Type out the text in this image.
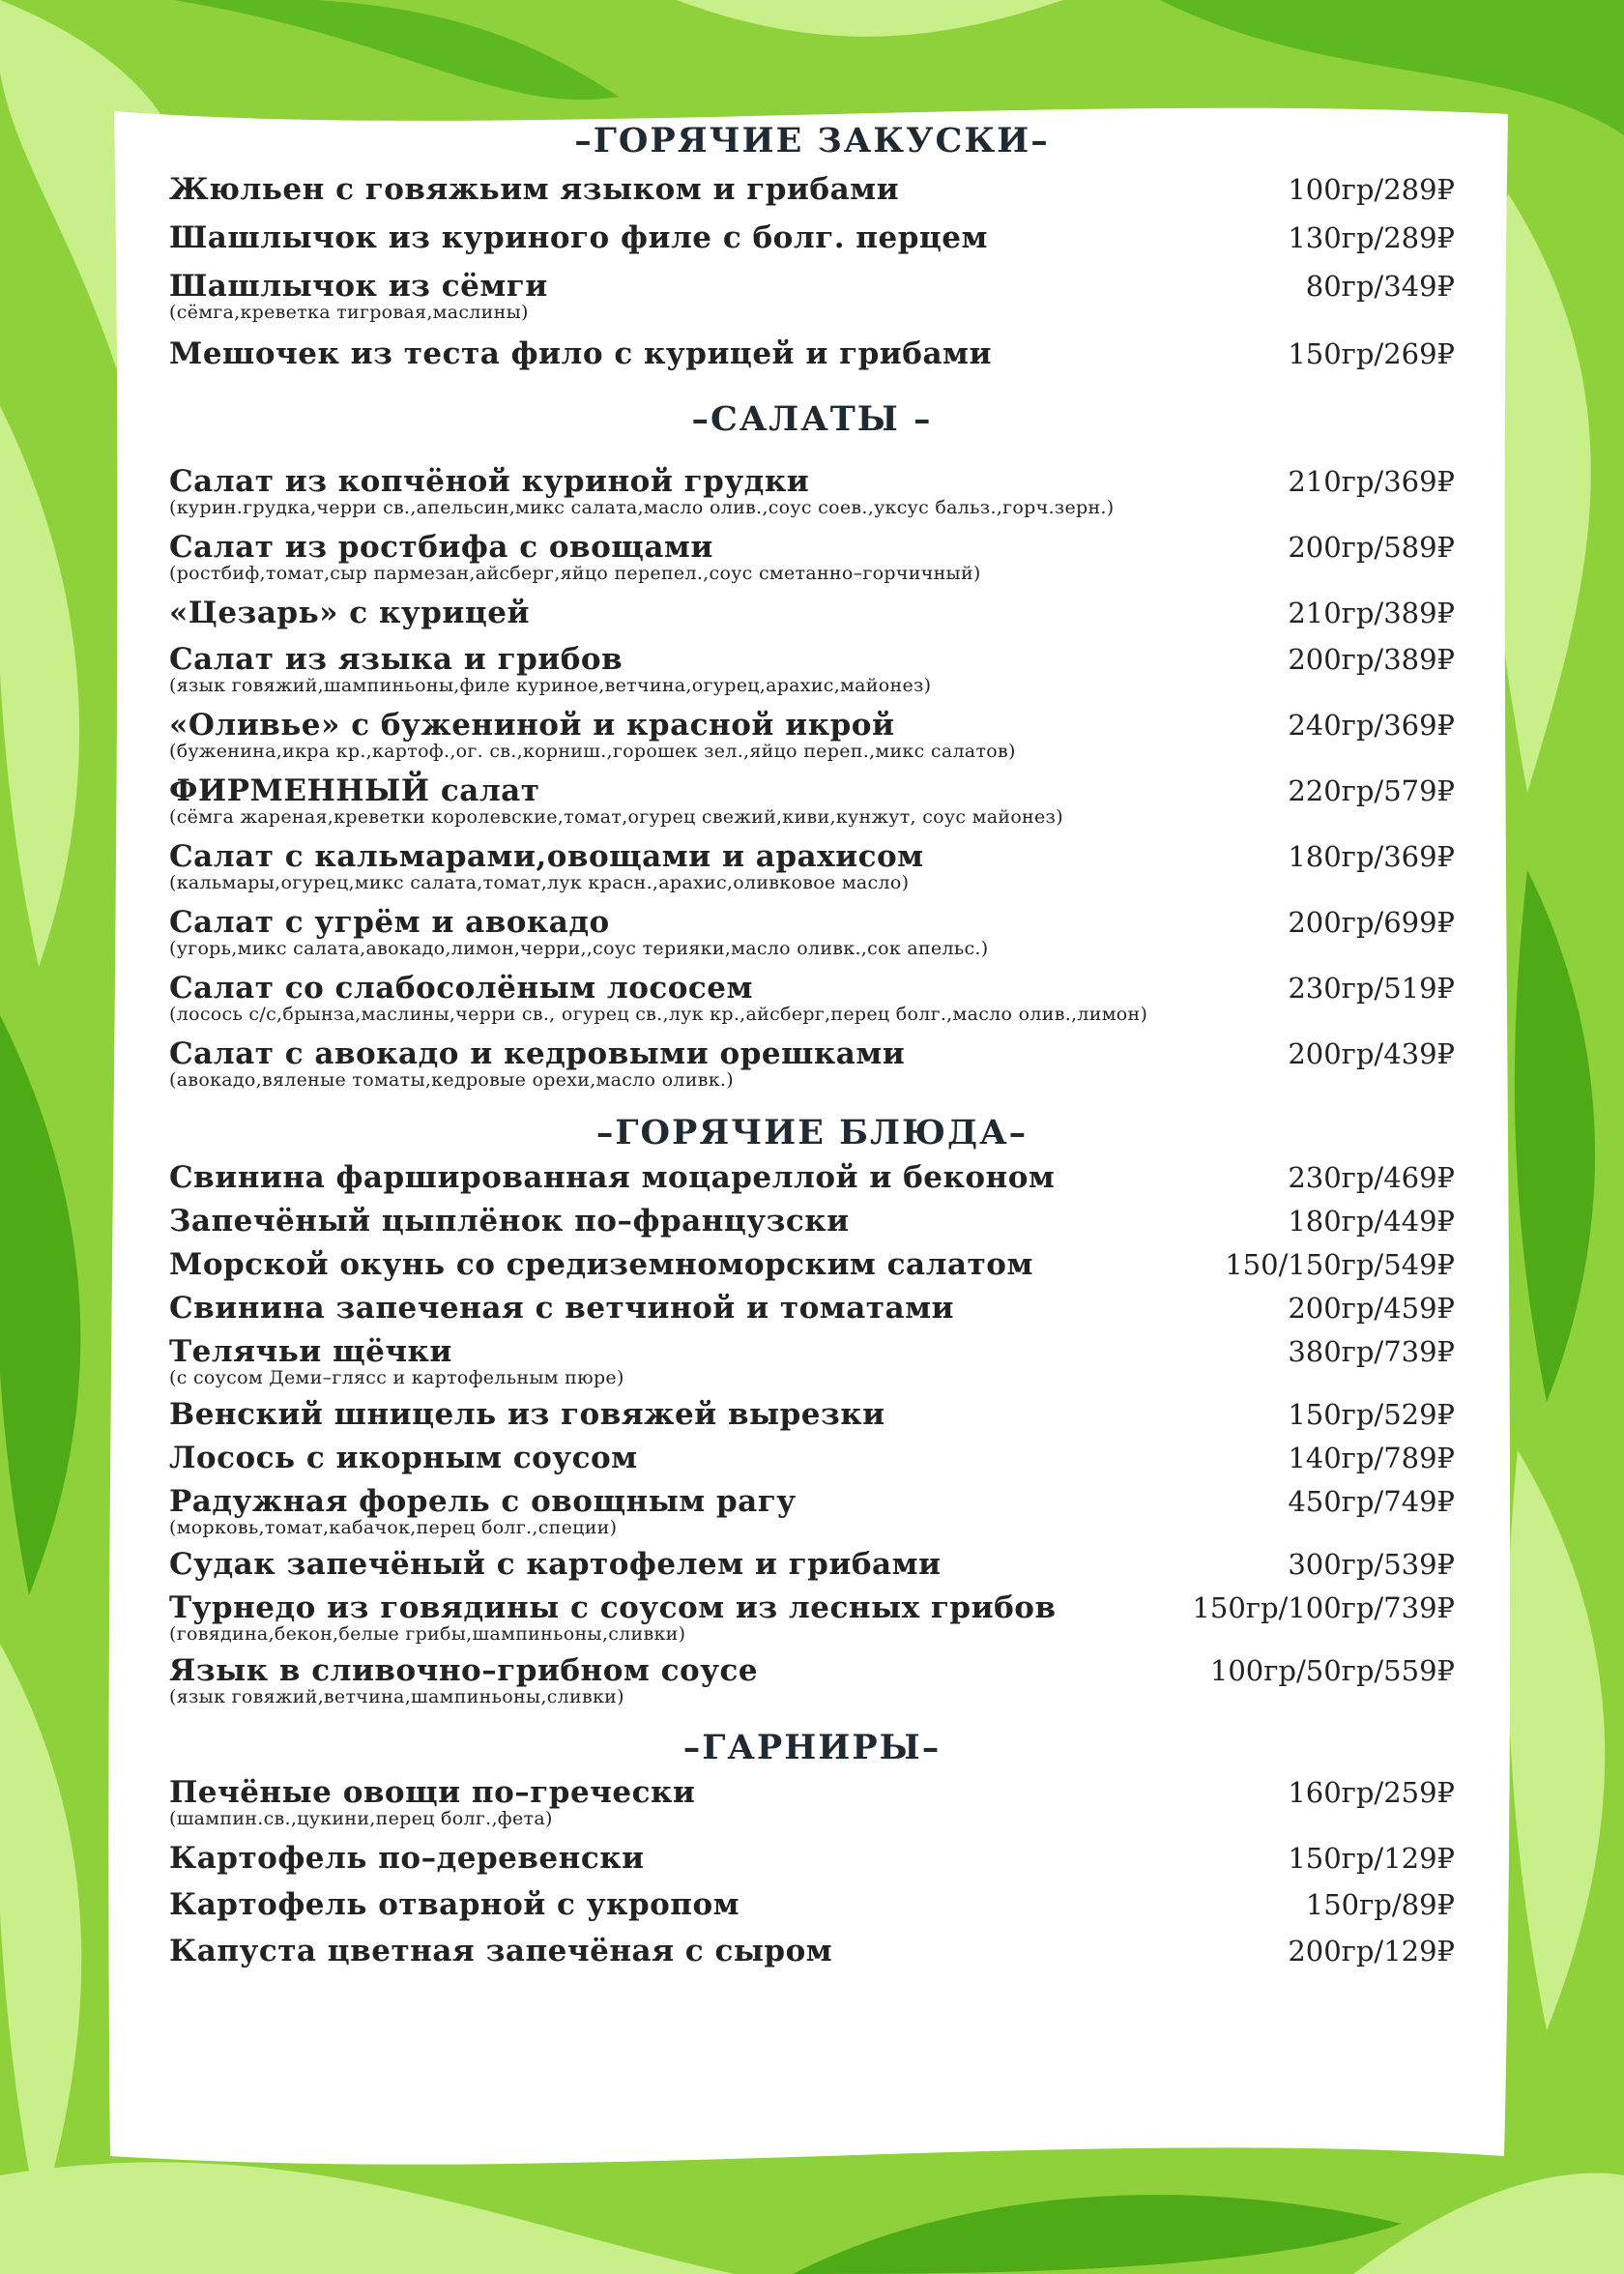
–ГОРЯЧИЕ ЗАКУСКИ–
Жюльен с говяжьим языком и грибами	100гр/289₽
Шашлычок из куриного филе с болг. перцем	130гр/289₽
Шашлычок из сёмги	80гр/349₽
(сёмга,креветка тигровая,маслины)
Мешочек из теста фило с курицей и грибами	150гр/269₽
–САЛАТЫ –
Салат из копчёной куриной грудки	210гр/369₽
(курин.грудка,черри св.,апельсин,микс салата,масло олив.,соус соев.,уксус бальз.,горч.зерн.)
Салат из ростбифа с овощами	200гр/589₽
(ростбиф,томат,сыр пармезан,айсберг,яйцо перепел.,соус сметанно–горчичный)
«Цезарь» с курицей	210гр/389₽
Салат из языка и грибов	200гр/389₽
(язык говяжий,шампиньоны,филе куриное,ветчина,огурец,арахис,майонез)
«Оливье» с бужениной и красной икрой	240гр/369₽
(буженина,икра кр.,картоф.,ог. св.,корниш.,горошек зел.,яйцо переп.,микс салатов)
ФИРМЕННЫЙ салат	220гр/579₽
(сёмга жареная,креветки королевские,томат,огурец свежий,киви,кунжут, соус майонез)
Салат с кальмарами,овощами и арахисом	180гр/369₽
(кальмары,огурец,микс салата,томат,лук красн.,арахис,оливковое масло)
Салат с угрём и авокадо	200гр/699₽
(угорь,микс салата,авокадо,лимон,черри,,соус терияки,масло оливк.,сок апельс.)
Салат со слабосолёным лососем	230гр/519₽
(лосось с/с,брынза,маслины,черри св., огурец св.,лук кр.,айсберг,перец болг.,масло олив.,лимон)
Салат с авокадо и кедровыми орешками	200гр/439₽
(авокадо,вяленые томаты,кедровые орехи,масло оливк.)
–ГОРЯЧИЕ БЛЮДА–
Свинина фаршированная моцареллой и беконом	230гр/469₽
Запечёный цыплёнок по–французски	180гр/449₽
Морской окунь со средиземноморским салатом	150/150гр/549₽
Свинина запеченая с ветчиной и томатами	200гр/459₽
Телячьи щёчки	380гр/739₽
(с соусом Деми–глясс и картофельным пюре)
Венский шницель из говяжей вырезки	150гр/529₽
Лосось с икорным соусом	140гр/789₽
Радужная форель с овощным рагу	450гр/749₽
(морковь,томат,кабачок,перец болг.,специи)
Судак запечёный с картофелем и грибами	300гр/539₽
Турнедо из говядины с соусом из лесных грибов	150гр/100гр/739₽
(говядина,бекон,белые грибы,шампиньоны,сливки)
Язык в сливочно–грибном соусе	100гр/50гр/559₽
(язык говяжий,ветчина,шампиньоны,сливки)
–ГАРНИРЫ–
Печёные овощи по–гречески	160гр/259₽
(шампин.св.,цукини,перец болг.,фета)
Картофель по–деревенски	150гр/129₽
Картофель отварной с укропом	150гр/89₽
Капуста цветная запечёная с сыром	200гр/129₽
